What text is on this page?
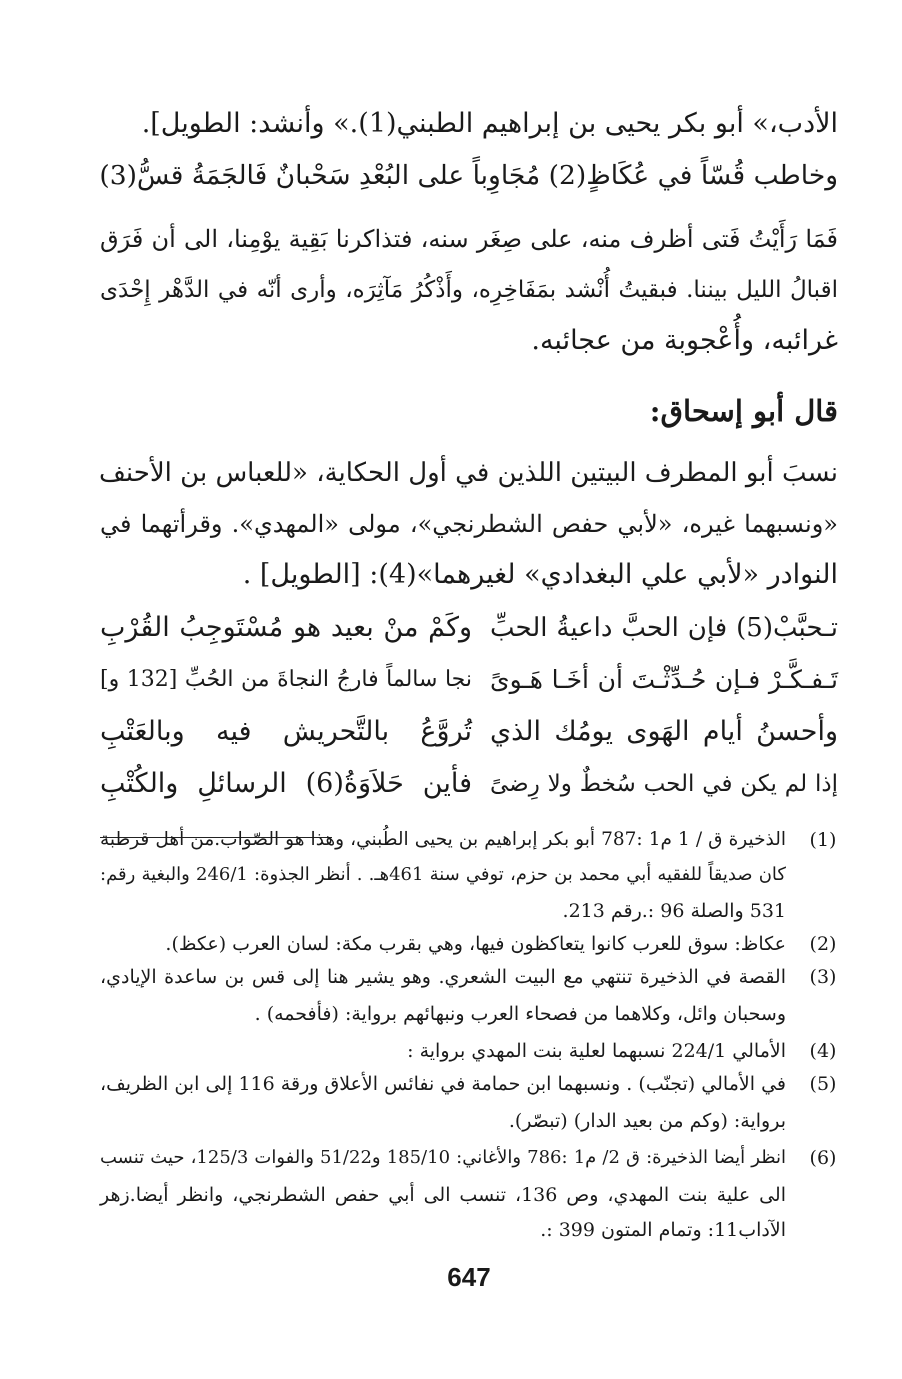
الأدب،» أبو بكر يحيى بن إبراهيم الطبني(1).» وأنشد: الطويل].
وخاطب قُسّاً في عُكَاظٍ(2) مُجَاوِباً على البُعْدِ سَحْبانٌ فَالجَمَةُ قسُّ(3)
فَمَا رَأَيْتُ فَتى أظرف منه، على صِغَر سنه، فتذاكرنا بَقِية يوْمِنا، الى أن فَرَق
اقبالُ الليل بيننا. فبقيتُ أُنْشد بمَفَاخِرِه، وأَذْكُرُ مَآثِرَه، وأرى أنّه في الدَّهْر إِحْدَى
غرائبه، وأُعْجوبة من عجائبه.
قال أبو إسحاق:
نسبَ أبو المطرف البيتين اللذين في أول الحكاية، «للعباس بن الأحنف
«ونسبهما غيره، «لأبي حفص الشطرنجي»، مولى «المهدي». وقرأتهما في
النوادر «لأبي علي البغدادي» لغيرهما»(4): [الطويل] .
تـحبَّبْ(5) فإن الحبَّ داعيةُ الحبِّ
وكَمْ منْ بعيد هو مُسْتَوجِبُ القُرْبِ
تَـفـكَّـرْ فـإن حُـدِّثْـتَ أن أخَـا هَـوىً
نجا سالماً فارجُ النجاةَ من الحُبِّ [132 و]
وأحسنُ أيام الهَوى يومُك الذي
تُروَّعُ بالتَّحريش فيه وبالعَتْبِ
إذا لم يكن في الحب سُخطٌ ولا رِضىً
فأين حَلاَوَةُ(6) الرسائلِ والكُتْبِ
(1)
الذخيرة ق / 1 م1 :787 أبو بكر إبراهيم بن يحيى الطُبني، وهذا هو الصّواب.من أهل قرطبة
كان صديقاً للفقيه أبي محمد بن حزم، توفي سنة 461هـ. . أنظر الجذوة: 246/1 والبغية رقم:
531 والصلة 96 :.رقم 213.
(2)
عكاظ: سوق للعرب كانوا يتعاكظون فيها، وهي بقرب مكة: لسان العرب (عكظ).
(3)
القصة في الذخيرة تنتهي مع البيت الشعري. وهو يشير هنا إلى قس بن ساعدة الإيادي،
وسحبان وائل، وكلاهما من فصحاء العرب ونبهائهم برواية: (فأفحمه) .
(4)
الأمالي 224/1 نسبهما لعلية بنت المهدي برواية :
(5)
في الأمالي (تجنّب) . ونسبهما ابن حمامة في نفائس الأعلاق ورقة 116 إلى ابن الظريف،
برواية: (وكم من بعيد الدار) (تبصّر).
(6)
انظر أيضا الذخيرة: ق 2/ م1 :786 والأغاني: 185/10 و51/22 والفوات 125/3، حيث تنسب
الى علية بنت المهدي، وص 136، تنسب الى أبي حفص الشطرنجي، وانظر أيضا.زهر
الآداب11: وتمام المتون 399 :.
647
